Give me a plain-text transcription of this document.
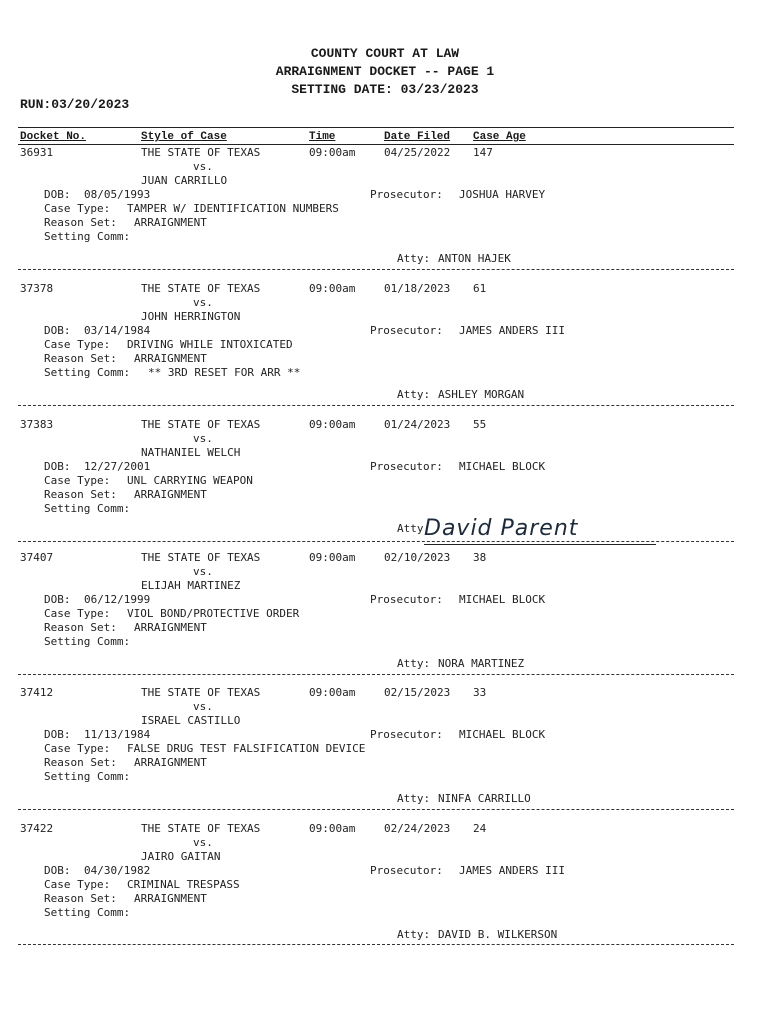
COUNTY COURT AT LAW
ARRAIGNMENT DOCKET -- PAGE 1
SETTING DATE: 03/23/2023
RUN:03/20/2023
Docket No.	Style of Case	Time	Date Filed Case Age
36931	THE STATE OF TEXAS	09:00am	04/25/2022 147
vs.
JUAN CARRILLO
DOB: 08/05/1993	Prosecutor: JOSHUA HARVEY
Case Type: TAMPER W/ IDENTIFICATION NUMBERS
Reason Set: ARRAIGNMENT
Setting Comm:
Atty: ANTON HAJEK
37378	THE STATE OF TEXAS	09:00am	01/18/2023 61
vs.
JOHN HERRINGTON
DOB: 03/14/1984	Prosecutor: JAMES ANDERS III
Case Type: DRIVING WHILE INTOXICATED
Reason Set: ARRAIGNMENT
Setting Comm: ** 3RD RESET FOR ARR **
Atty: ASHLEY MORGAN
37383	THE STATE OF TEXAS	09:00am	01/24/2023 55
vs.
NATHANIEL WELCH
DOB: 12/27/2001	Prosecutor: MICHAEL BLOCK
Case Type: UNL CARRYING WEAPON
Reason Set: ARRAIGNMENT
Setting Comm:
Atty:
37407	THE STATE OF TEXAS	09:00am	02/10/2023 38
vs.
ELIJAH MARTINEZ
DOB: 06/12/1999	Prosecutor: MICHAEL BLOCK
Case Type: VIOL BOND/PROTECTIVE ORDER
Reason Set: ARRAIGNMENT
Setting Comm:
Atty: NORA MARTINEZ
37412	THE STATE OF TEXAS	09:00am	02/15/2023 33
vs.
ISRAEL CASTILLO
DOB: 11/13/1984	Prosecutor: MICHAEL BLOCK
Case Type: FALSE DRUG TEST FALSIFICATION DEVICE
Reason Set: ARRAIGNMENT
Setting Comm:
Atty: NINFA CARRILLO
37422	THE STATE OF TEXAS	09:00am	02/24/2023 24
vs.
JAIRO GAITAN
DOB: 04/30/1982	Prosecutor: JAMES ANDERS III
Case Type: CRIMINAL TRESPASS
Reason Set: ARRAIGNMENT
Setting Comm:
Atty: DAVID B. WILKERSON
David Parent
